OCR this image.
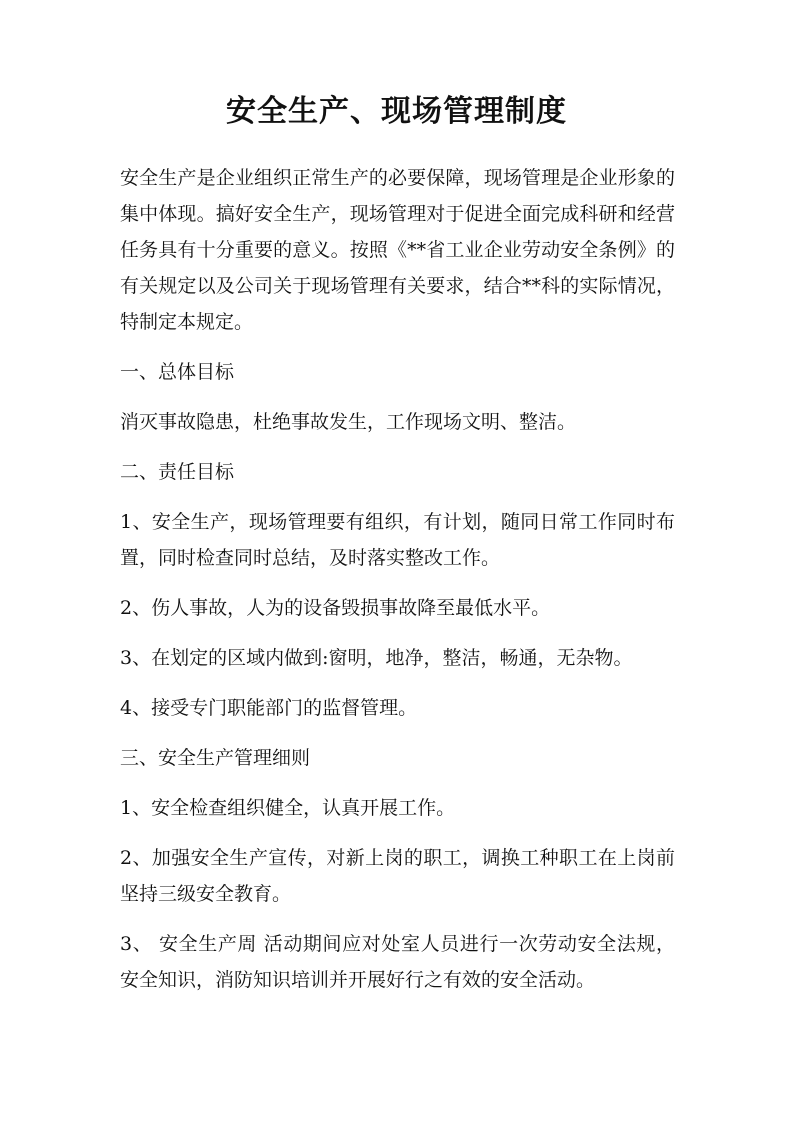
安全生产、现场管理制度

安全生产是企业组织正常生产的必要保障，现场管理是企业形象的集中体现。搞好安全生产，现场管理对于促进全面完成科研和经营任务具有十分重要的意义。按照《**省工业企业劳动安全条例》的有关规定以及公司关于现场管理有关要求，结合**科的实际情况，特制定本规定。

一、总体目标

消灭事故隐患，杜绝事故发生，工作现场文明、整洁。

二、责任目标

1、安全生产，现场管理要有组织，有计划，随同日常工作同时布置，同时检查同时总结，及时落实整改工作。

2、伤人事故，人为的设备毁损事故降至最低水平。

3、在划定的区域内做到:窗明，地净，整洁，畅通，无杂物。

4、接受专门职能部门的监督管理。

三、安全生产管理细则

1、安全检查组织健全，认真开展工作。

2、加强安全生产宣传，对新上岗的职工，调换工种职工在上岗前坚持三级安全教育。

3、 安全生产周 活动期间应对处室人员进行一次劳动安全法规，安全知识，消防知识培训并开展好行之有效的安全活动。
